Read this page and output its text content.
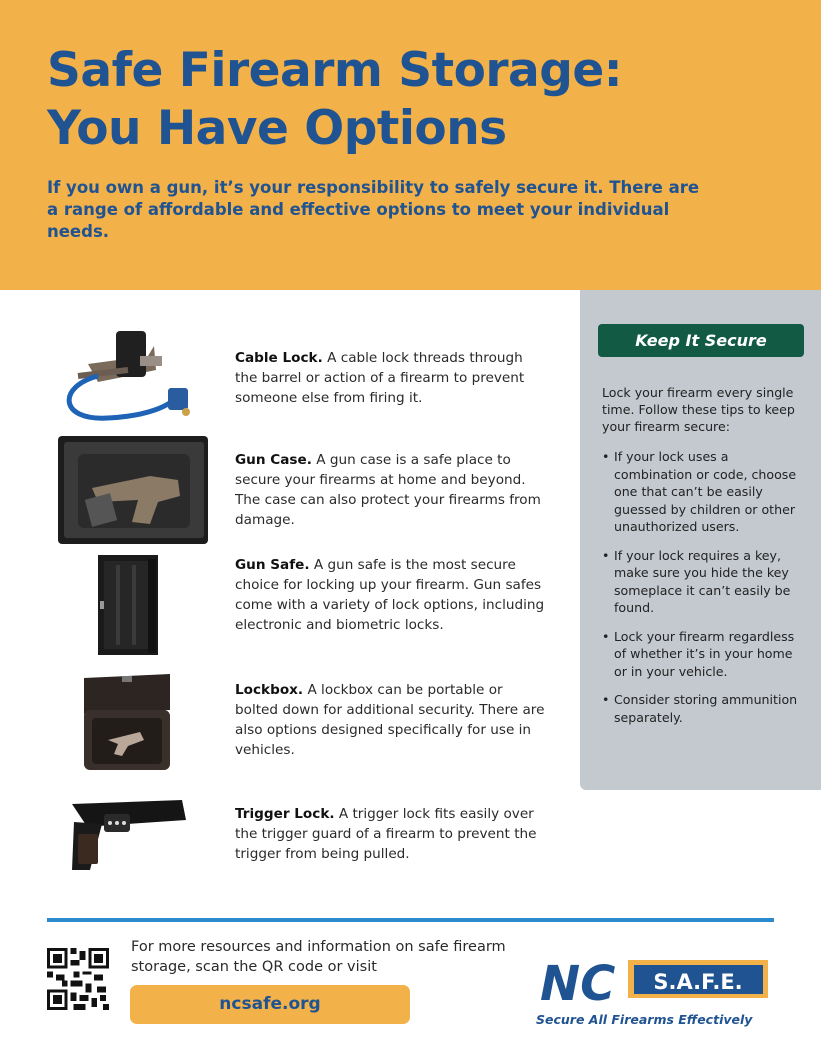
Safe Firearm Storage:
You Have Options

If you own a gun, it’s your responsibility to safely secure it. There are a range of affordable and effective options to meet your individual needs.

Cable Lock. A cable lock threads through the barrel or action of a firearm to prevent someone else from firing it.

Gun Case. A gun case is a safe place to secure your firearms at home and beyond. The case can also protect your firearms from damage.

Gun Safe. A gun safe is the most secure choice for locking up your firearm. Gun safes come with a variety of lock options, including electronic and biometric locks.

Lockbox. A lockbox can be portable or bolted down for additional security. There are also options designed specifically for use in vehicles.

Trigger Lock. A trigger lock fits easily over the trigger guard of a firearm to prevent the trigger from being pulled.

Keep It Secure

Lock your firearm every single time. Follow these tips to keep your firearm secure:

• If your lock uses a combination or code, choose one that can’t be easily guessed by children or other unauthorized users.
• If your lock requires a key, make sure you hide the key someplace it can’t easily be found.
• Lock your firearm regardless of whether it’s in your home or in your vehicle.
• Consider storing ammunition separately.

For more resources and information on safe firearm storage, scan the QR code or visit

ncsafe.org	NC S.A.F.E.
Secure All Firearms Effectively
